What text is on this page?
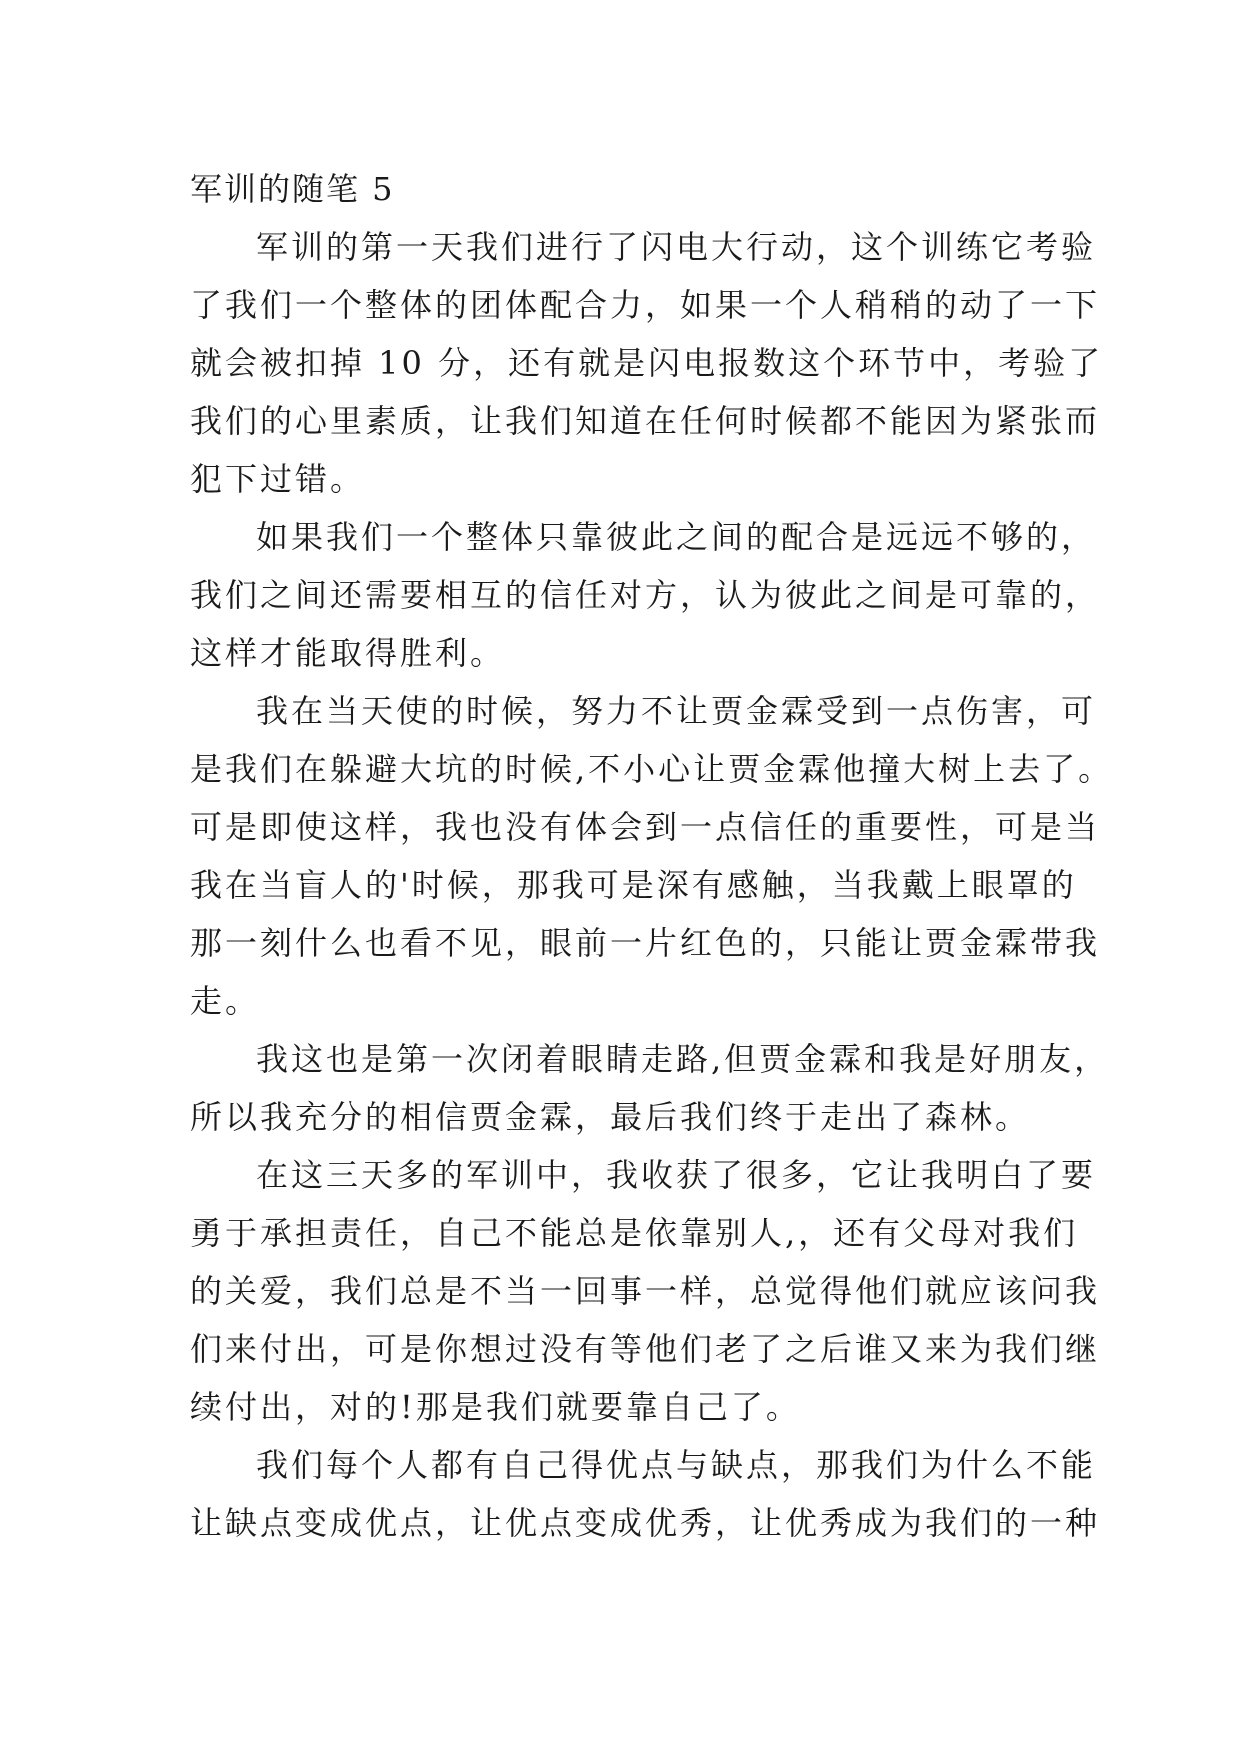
军训的随笔 5
军训的第一天我们进行了闪电大行动，这个训练它考验
了我们一个整体的团体配合力，如果一个人稍稍的动了一下
就会被扣掉 10 分，还有就是闪电报数这个环节中，考验了
我们的心里素质，让我们知道在任何时候都不能因为紧张而
犯下过错。
如果我们一个整体只靠彼此之间的配合是远远不够的，
我们之间还需要相互的信任对方，认为彼此之间是可靠的，
这样才能取得胜利。
我在当天使的时候，努力不让贾金霖受到一点伤害，可
是我们在躲避大坑的时候,不小心让贾金霖他撞大树上去了。
可是即使这样，我也没有体会到一点信任的重要性，可是当
我在当盲人的'时候，那我可是深有感触，当我戴上眼罩的
那一刻什么也看不见，眼前一片红色的，只能让贾金霖带我
走。
我这也是第一次闭着眼睛走路,但贾金霖和我是好朋友，
所以我充分的相信贾金霖，最后我们终于走出了森林。
在这三天多的军训中，我收获了很多，它让我明白了要
勇于承担责任，自己不能总是依靠别人,，还有父母对我们
的关爱，我们总是不当一回事一样，总觉得他们就应该问我
们来付出，可是你想过没有等他们老了之后谁又来为我们继
续付出，对的!那是我们就要靠自己了。
我们每个人都有自己得优点与缺点，那我们为什么不能
让缺点变成优点，让优点变成优秀，让优秀成为我们的一种
